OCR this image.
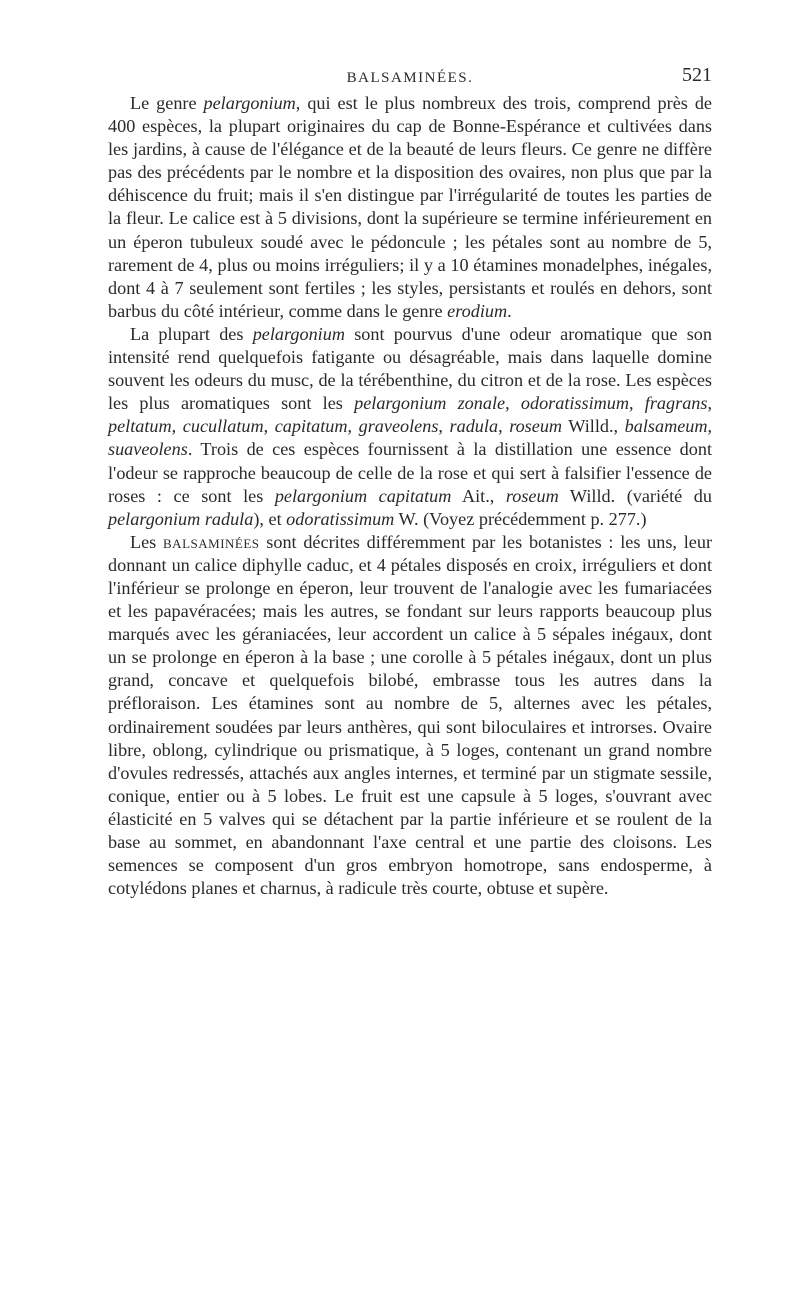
BALSAMINÉES.	521

Le genre pelargonium, qui est le plus nombreux des trois, comprend près de 400 espèces, la plupart originaires du cap de Bonne-Espérance et cultivées dans les jardins, à cause de l'élégance et de la beauté de leurs fleurs. Ce genre ne diffère pas des précédents par le nombre et la disposition des ovaires, non plus que par la déhiscence du fruit; mais il s'en distingue par l'irrégularité de toutes les parties de la fleur. Le calice est à 5 divisions, dont la supérieure se termine inférieurement en un éperon tubuleux soudé avec le pédoncule ; les pétales sont au nombre de 5, rarement de 4, plus ou moins irréguliers; il y a 10 étamines monadelphes, inégales, dont 4 à 7 seulement sont fertiles ; les styles, persistants et roulés en dehors, sont barbus du côté intérieur, comme dans le genre erodium.

La plupart des pelargonium sont pourvus d'une odeur aromatique que son intensité rend quelquefois fatigante ou désagréable, mais dans laquelle domine souvent les odeurs du musc, de la térébenthine, du citron et de la rose. Les espèces les plus aromatiques sont les pelargonium zonale, odoratissimum, fragrans, peltatum, cucullatum, capitatum, graveolens, radula, roseum Willd., balsameum, suaveolens. Trois de ces espèces fournissent à la distillation une essence dont l'odeur se rapproche beaucoup de celle de la rose et qui sert à falsifier l'essence de roses : ce sont les pelargonium capitatum Ait., roseum Willd. (variété du pelargonium radula), et odoratissimum W. (Voyez précédemment p. 277.)

Les balsaminées sont décrites différemment par les botanistes : les uns, leur donnant un calice diphylle caduc, et 4 pétales disposés en croix, irréguliers et dont l'inférieur se prolonge en éperon, leur trouvent de l'analogie avec les fumariacées et les papavéracées; mais les autres, se fondant sur leurs rapports beaucoup plus marqués avec les géraniacées, leur accordent un calice à 5 sépales inégaux, dont un se prolonge en éperon à la base ; une corolle à 5 pétales inégaux, dont un plus grand, concave et quelquefois bilobé, embrasse tous les autres dans la préfloraison. Les étamines sont au nombre de 5, alternes avec les pétales, ordinairement soudées par leurs anthères, qui sont biloculaires et introrses. Ovaire libre, oblong, cylindrique ou prismatique, à 5 loges, contenant un grand nombre d'ovules redressés, attachés aux angles internes, et terminé par un stigmate sessile, conique, entier ou à 5 lobes. Le fruit est une capsule à 5 loges, s'ouvrant avec élasticité en 5 valves qui se détachent par la partie inférieure et se roulent de la base au sommet, en abandonnant l'axe central et une partie des cloisons. Les semences se composent d'un gros embryon homotrope, sans endosperme, à cotylédons planes et charnus, à radicule très courte, obtuse et supère.
